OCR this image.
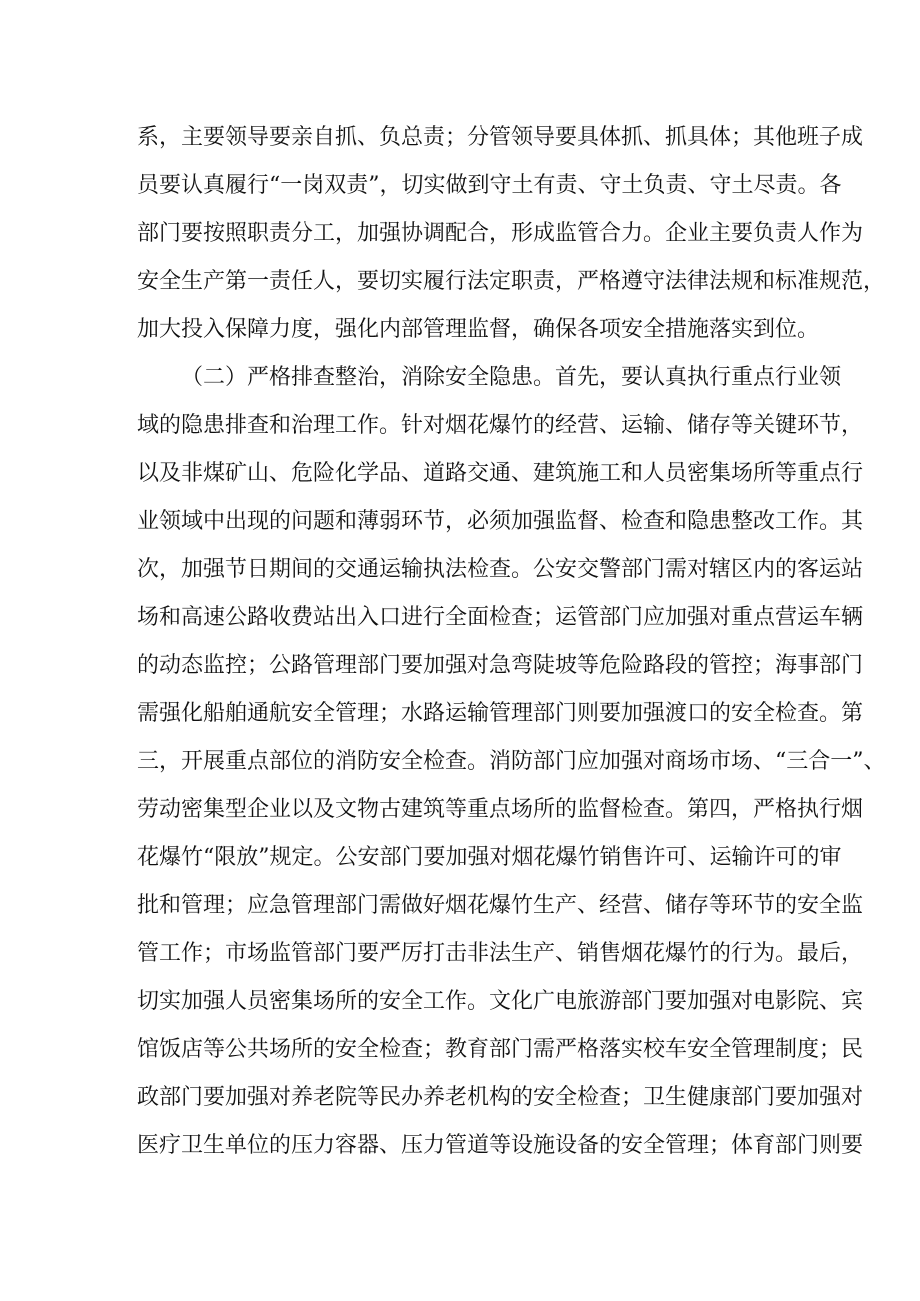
系，主要领导要亲自抓、负总责；分管领导要具体抓、抓具体；其他班子成
员要认真履行“一岗双责”，切实做到守土有责、守土负责、守土尽责。各
部门要按照职责分工，加强协调配合，形成监管合力。企业主要负责人作为
安全生产第一责任人，要切实履行法定职责，严格遵守法律法规和标准规范，
加大投入保障力度，强化内部管理监督，确保各项安全措施落实到位。
（二）严格排查整治，消除安全隐患。首先，要认真执行重点行业领
域的隐患排查和治理工作。针对烟花爆竹的经营、运输、储存等关键环节，
以及非煤矿山、危险化学品、道路交通、建筑施工和人员密集场所等重点行
业领域中出现的问题和薄弱环节，必须加强监督、检查和隐患整改工作。其
次，加强节日期间的交通运输执法检查。公安交警部门需对辖区内的客运站
场和高速公路收费站出入口进行全面检查；运管部门应加强对重点营运车辆
的动态监控；公路管理部门要加强对急弯陡坡等危险路段的管控；海事部门
需强化船舶通航安全管理；水路运输管理部门则要加强渡口的安全检查。第
三，开展重点部位的消防安全检查。消防部门应加强对商场市场、“三合一”、
劳动密集型企业以及文物古建筑等重点场所的监督检查。第四，严格执行烟
花爆竹“限放”规定。公安部门要加强对烟花爆竹销售许可、运输许可的审
批和管理；应急管理部门需做好烟花爆竹生产、经营、储存等环节的安全监
管工作；市场监管部门要严厉打击非法生产、销售烟花爆竹的行为。最后，
切实加强人员密集场所的安全工作。文化广电旅游部门要加强对电影院、宾
馆饭店等公共场所的安全检查；教育部门需严格落实校车安全管理制度；民
政部门要加强对养老院等民办养老机构的安全检查；卫生健康部门要加强对
医疗卫生单位的压力容器、压力管道等设施设备的安全管理；体育部门则要
